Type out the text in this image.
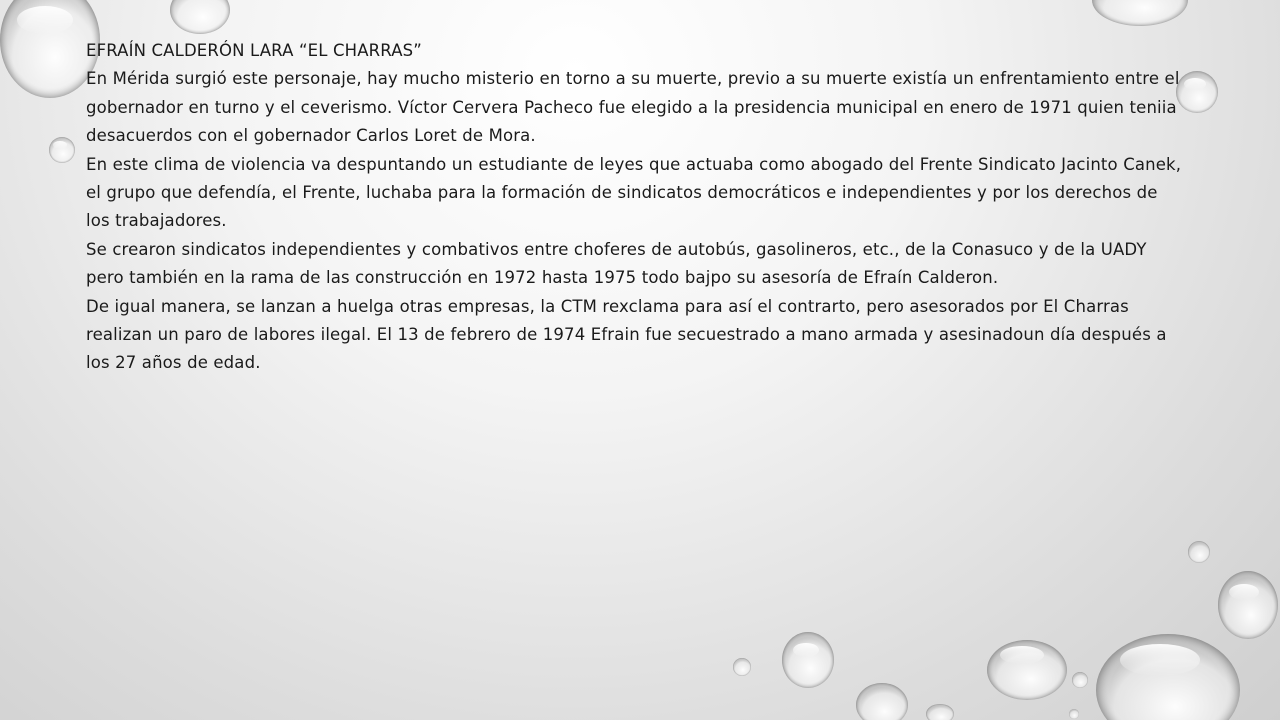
EFRAÍN CALDERÓN LARA “EL CHARRAS”

En Mérida surgió este personaje, hay mucho misterio en torno a su muerte, previo a su muerte existía un enfrentamiento entre el gobernador en turno y el ceverismo. Víctor Cervera Pacheco fue elegido a la presidencia municipal en enero de 1971 quien teniia desacuerdos con el gobernador Carlos Loret de Mora.

En este clima de violencia va despuntando un estudiante de leyes que actuaba como abogado del Frente Sindicato Jacinto Canek, el grupo que defendía, el Frente, luchaba para la formación de sindicatos democráticos e independientes y por los derechos de los trabajadores.

Se crearon sindicatos independientes y combativos entre choferes de autobús, gasolineros, etc., de la Conasuco y de la UADY pero también en la rama de las construcción en 1972 hasta 1975 todo bajpo su asesoría de Efraín Calderon.

De igual manera, se lanzan a huelga otras empresas, la CTM rexclama para así el contrarto, pero asesorados por El Charras realizan un paro de labores ilegal. El 13 de febrero de 1974 Efrain fue secuestrado a mano armada y asesinadoun día después a los 27 años de edad.
